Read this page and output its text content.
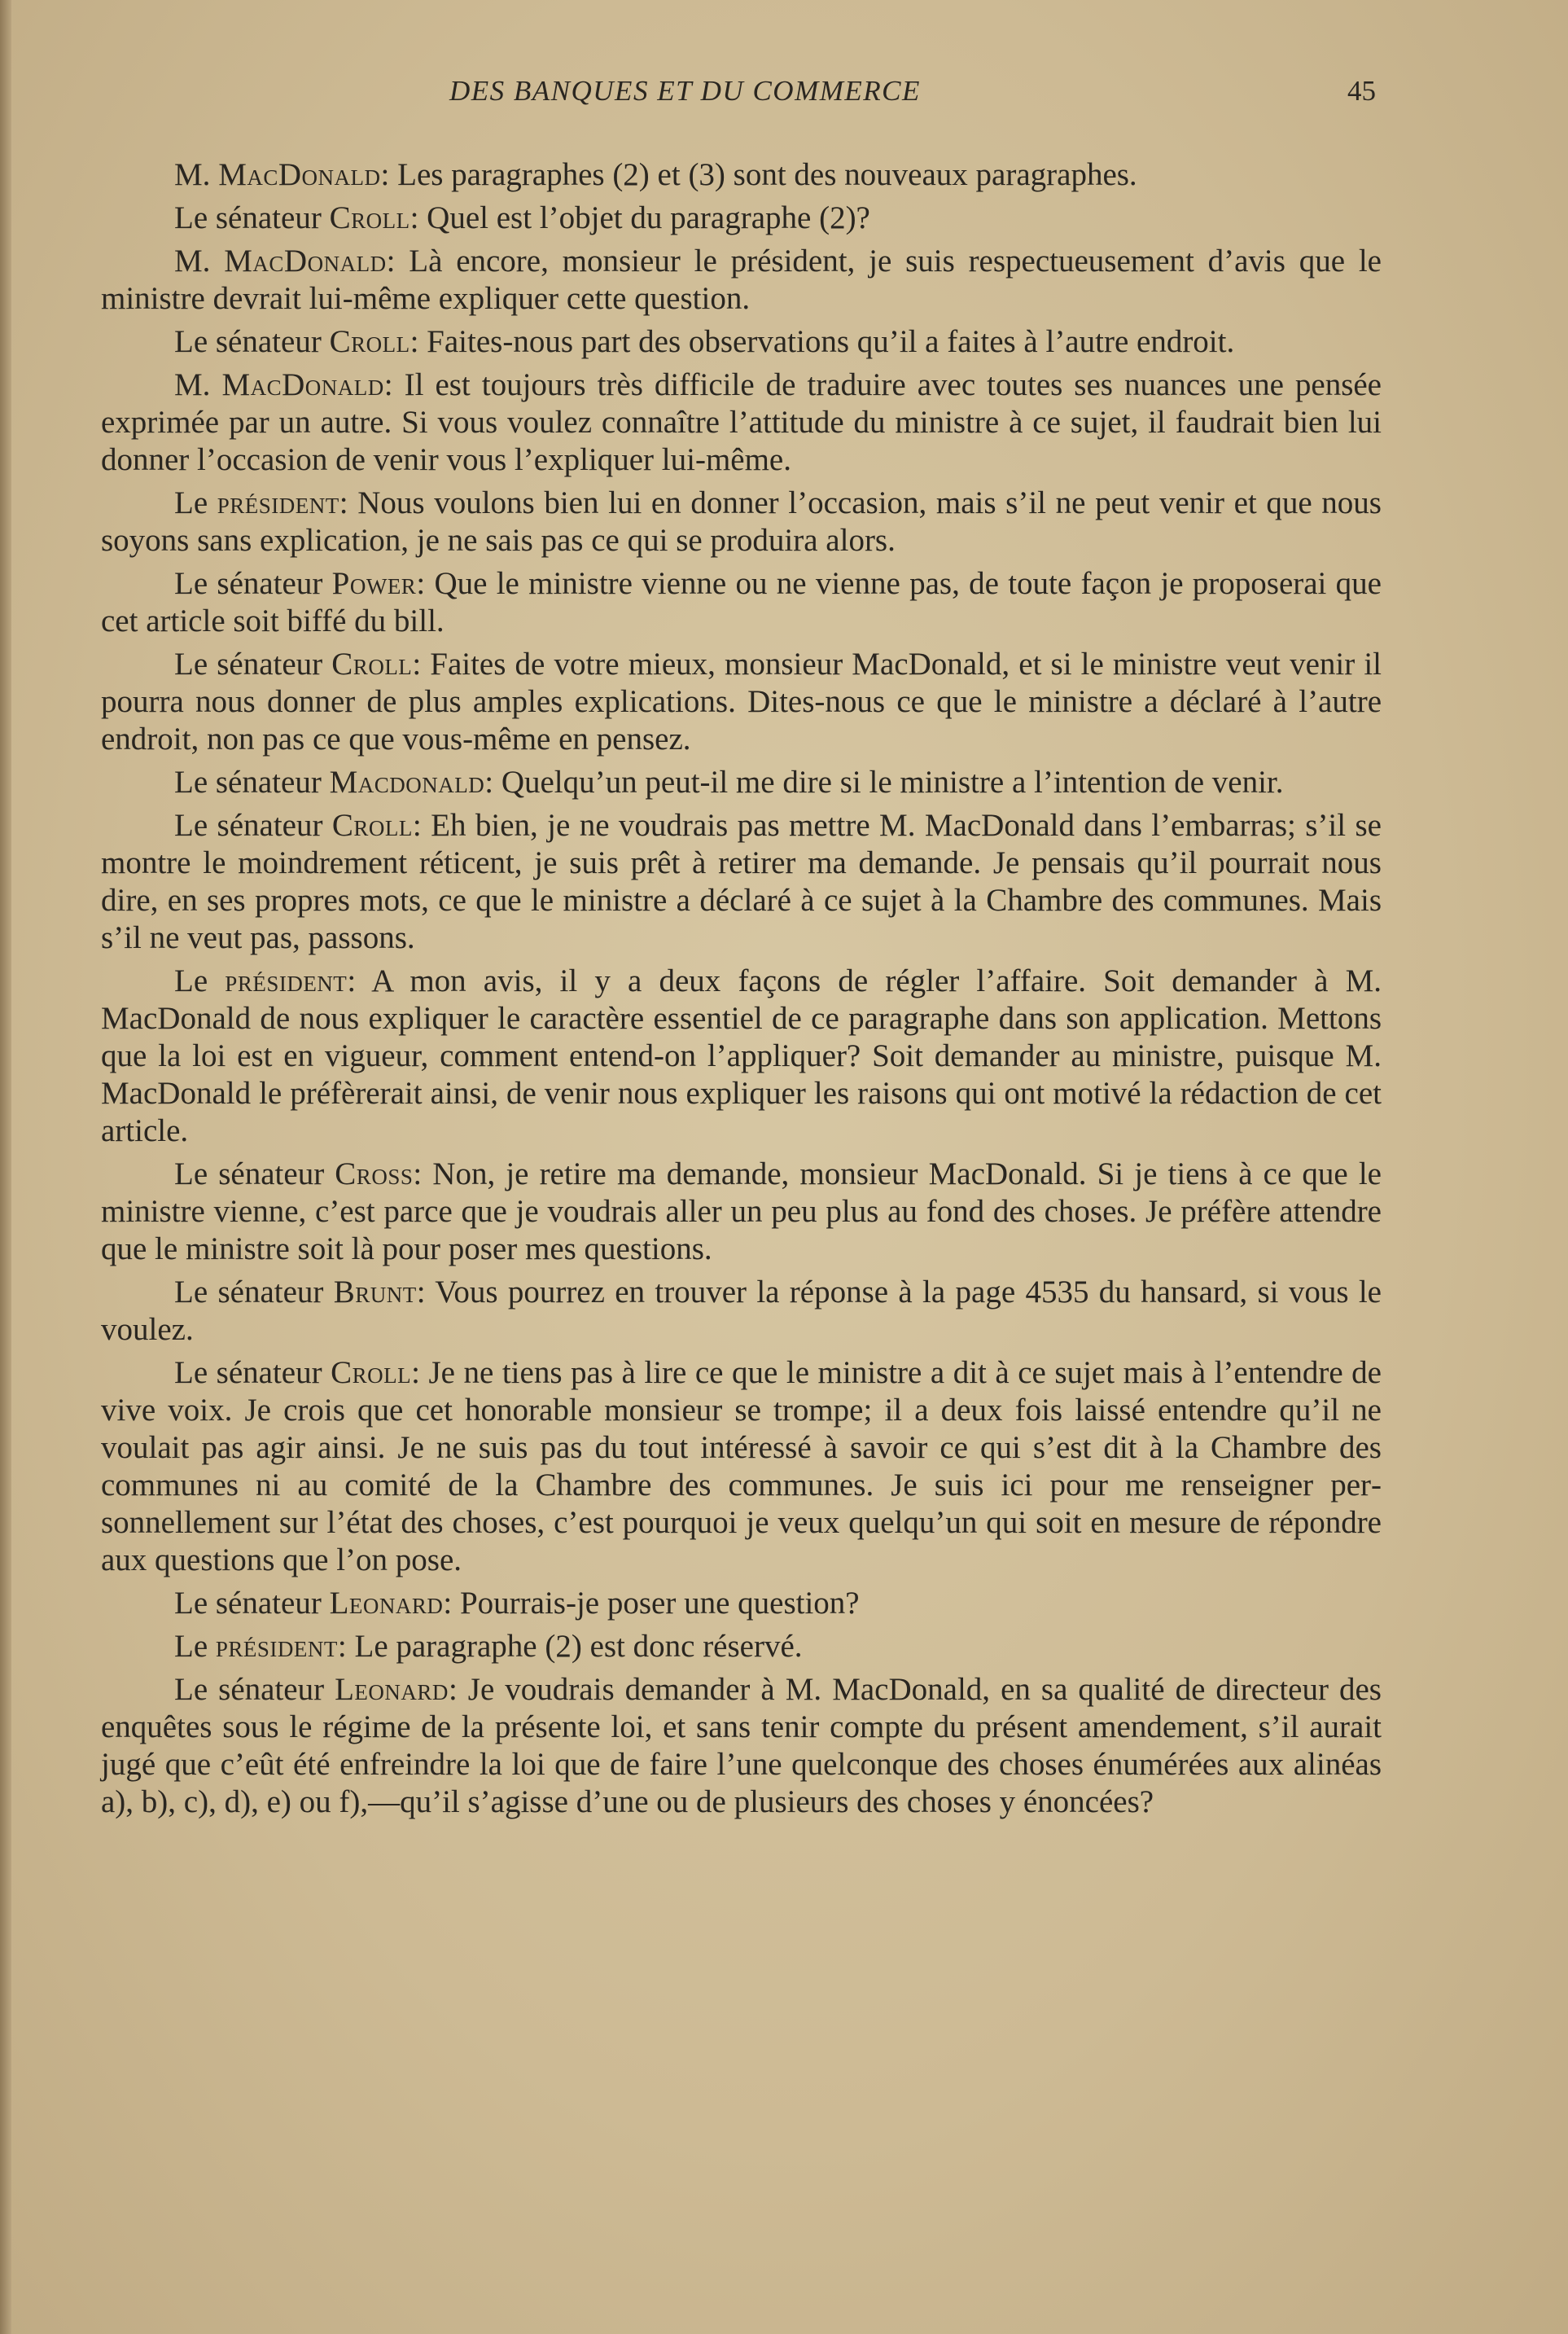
DES BANQUES ET DU COMMERCE	45

M. MacDonald: Les paragraphes (2) et (3) sont des nouveaux paragraphes.

Le sénateur Croll: Quel est l’objet du paragraphe (2)?

M. MacDonald: Là encore, monsieur le président, je suis respectueusement d’avis que le ministre devrait lui-même expliquer cette question.

Le sénateur Croll: Faites-nous part des observations qu’il a faites à l’autre endroit.

M. MacDonald: Il est toujours très difficile de traduire avec toutes ses nuances une pensée exprimée par un autre. Si vous voulez connaître l’attitude du ministre à ce sujet, il faudrait bien lui donner l’occasion de venir vous l’expliquer lui-même.

Le président: Nous voulons bien lui en donner l’occasion, mais s’il ne peut venir et que nous soyons sans explication, je ne sais pas ce qui se produira alors.

Le sénateur Power: Que le ministre vienne ou ne vienne pas, de toute façon je proposerai que cet article soit biffé du bill.

Le sénateur Croll: Faites de votre mieux, monsieur MacDonald, et si le ministre veut venir il pourra nous donner de plus amples explications. Dites-nous ce que le ministre a déclaré à l’autre endroit, non pas ce que vous-même en pensez.

Le sénateur Macdonald: Quelqu’un peut-il me dire si le ministre a l’intention de venir.

Le sénateur Croll: Eh bien, je ne voudrais pas mettre M. MacDonald dans l’embarras; s’il se montre le moindrement réticent, je suis prêt à retirer ma demande. Je pensais qu’il pourrait nous dire, en ses propres mots, ce que le ministre a déclaré à ce sujet à la Chambre des communes. Mais s’il ne veut pas, passons.

Le président: A mon avis, il y a deux façons de régler l’affaire. Soit demander à M. MacDonald de nous expliquer le caractère essentiel de ce paragraphe dans son application. Mettons que la loi est en vigueur, comment entend-on l’appliquer? Soit demander au ministre, puisque M. MacDonald le préfèrerait ainsi, de venir nous expliquer les raisons qui ont motivé la rédaction de cet article.

Le sénateur Cross: Non, je retire ma demande, monsieur MacDonald. Si je tiens à ce que le ministre vienne, c’est parce que je voudrais aller un peu plus au fond des choses. Je préfère attendre que le ministre soit là pour poser mes questions.

Le sénateur Brunt: Vous pourrez en trouver la réponse à la page 4535 du hansard, si vous le voulez.

Le sénateur Croll: Je ne tiens pas à lire ce que le ministre a dit à ce sujet mais à l’entendre de vive voix. Je crois que cet honorable monsieur se trompe; il a deux fois laissé entendre qu’il ne voulait pas agir ainsi. Je ne suis pas du tout intéressé à savoir ce qui s’est dit à la Chambre des communes ni au comité de la Chambre des communes. Je suis ici pour me renseigner personnellement sur l’état des choses, c’est pourquoi je veux quelqu’un qui soit en mesure de répondre aux questions que l’on pose.

Le sénateur Leonard: Pourrais-je poser une question?

Le président: Le paragraphe (2) est donc réservé.

Le sénateur Leonard: Je voudrais demander à M. MacDonald, en sa qualité de directeur des enquêtes sous le régime de la présente loi, et sans tenir compte du présent amendement, s’il aurait jugé que c’eût été enfreindre la loi que de faire l’une quelconque des choses énumérées aux alinéas a), b), c), d), e) ou f),—qu’il s’agisse d’une ou de plusieurs des choses y énoncées?
